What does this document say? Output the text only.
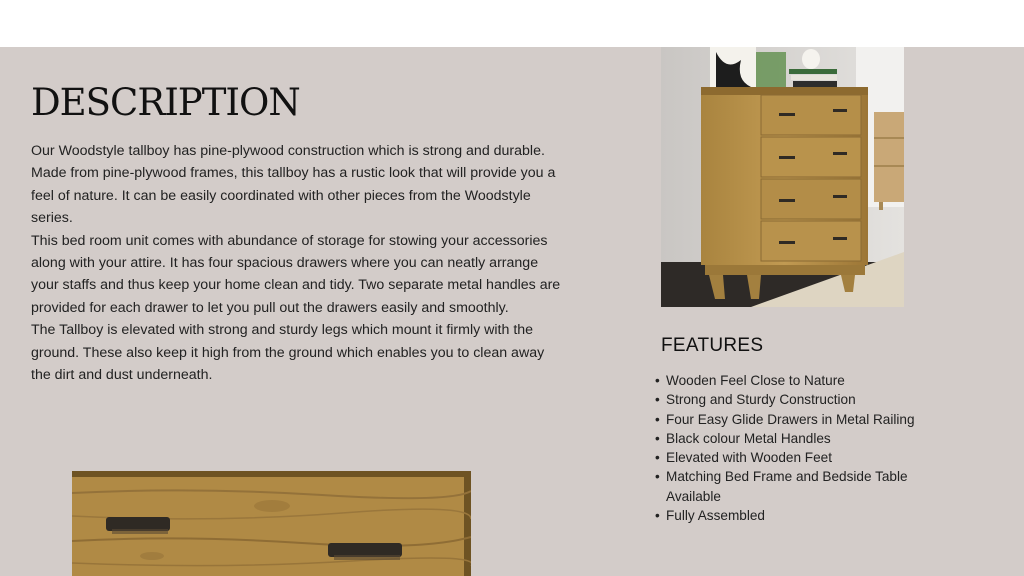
DESCRIPTION

Our Woodstyle tallboy has pine-plywood construction which is strong and durable. Made from pine-plywood frames, this tallboy has a rustic look that will provide you a feel of nature. It can be easily coordinated with other pieces from the Woodstyle series.

This bed room unit comes with abundance of storage for stowing your accessories along with your attire. It has four spacious drawers where you can neatly arrange your staffs and thus keep your home clean and tidy. Two separate metal handles are provided for each drawer to let you pull out the drawers easily and smoothly.

The Tallboy is elevated with strong and sturdy legs which mount it firmly with the ground. These also keep it high from the ground which enables you to clean away the dirt and dust underneath.

FEATURES
• Wooden Feel Close to Nature
• Strong and Sturdy Construction
• Four Easy Glide Drawers in Metal Railing
• Black colour Metal Handles
• Elevated with Wooden Feet
• Matching Bed Frame and Bedside Table Available
• Fully Assembled
